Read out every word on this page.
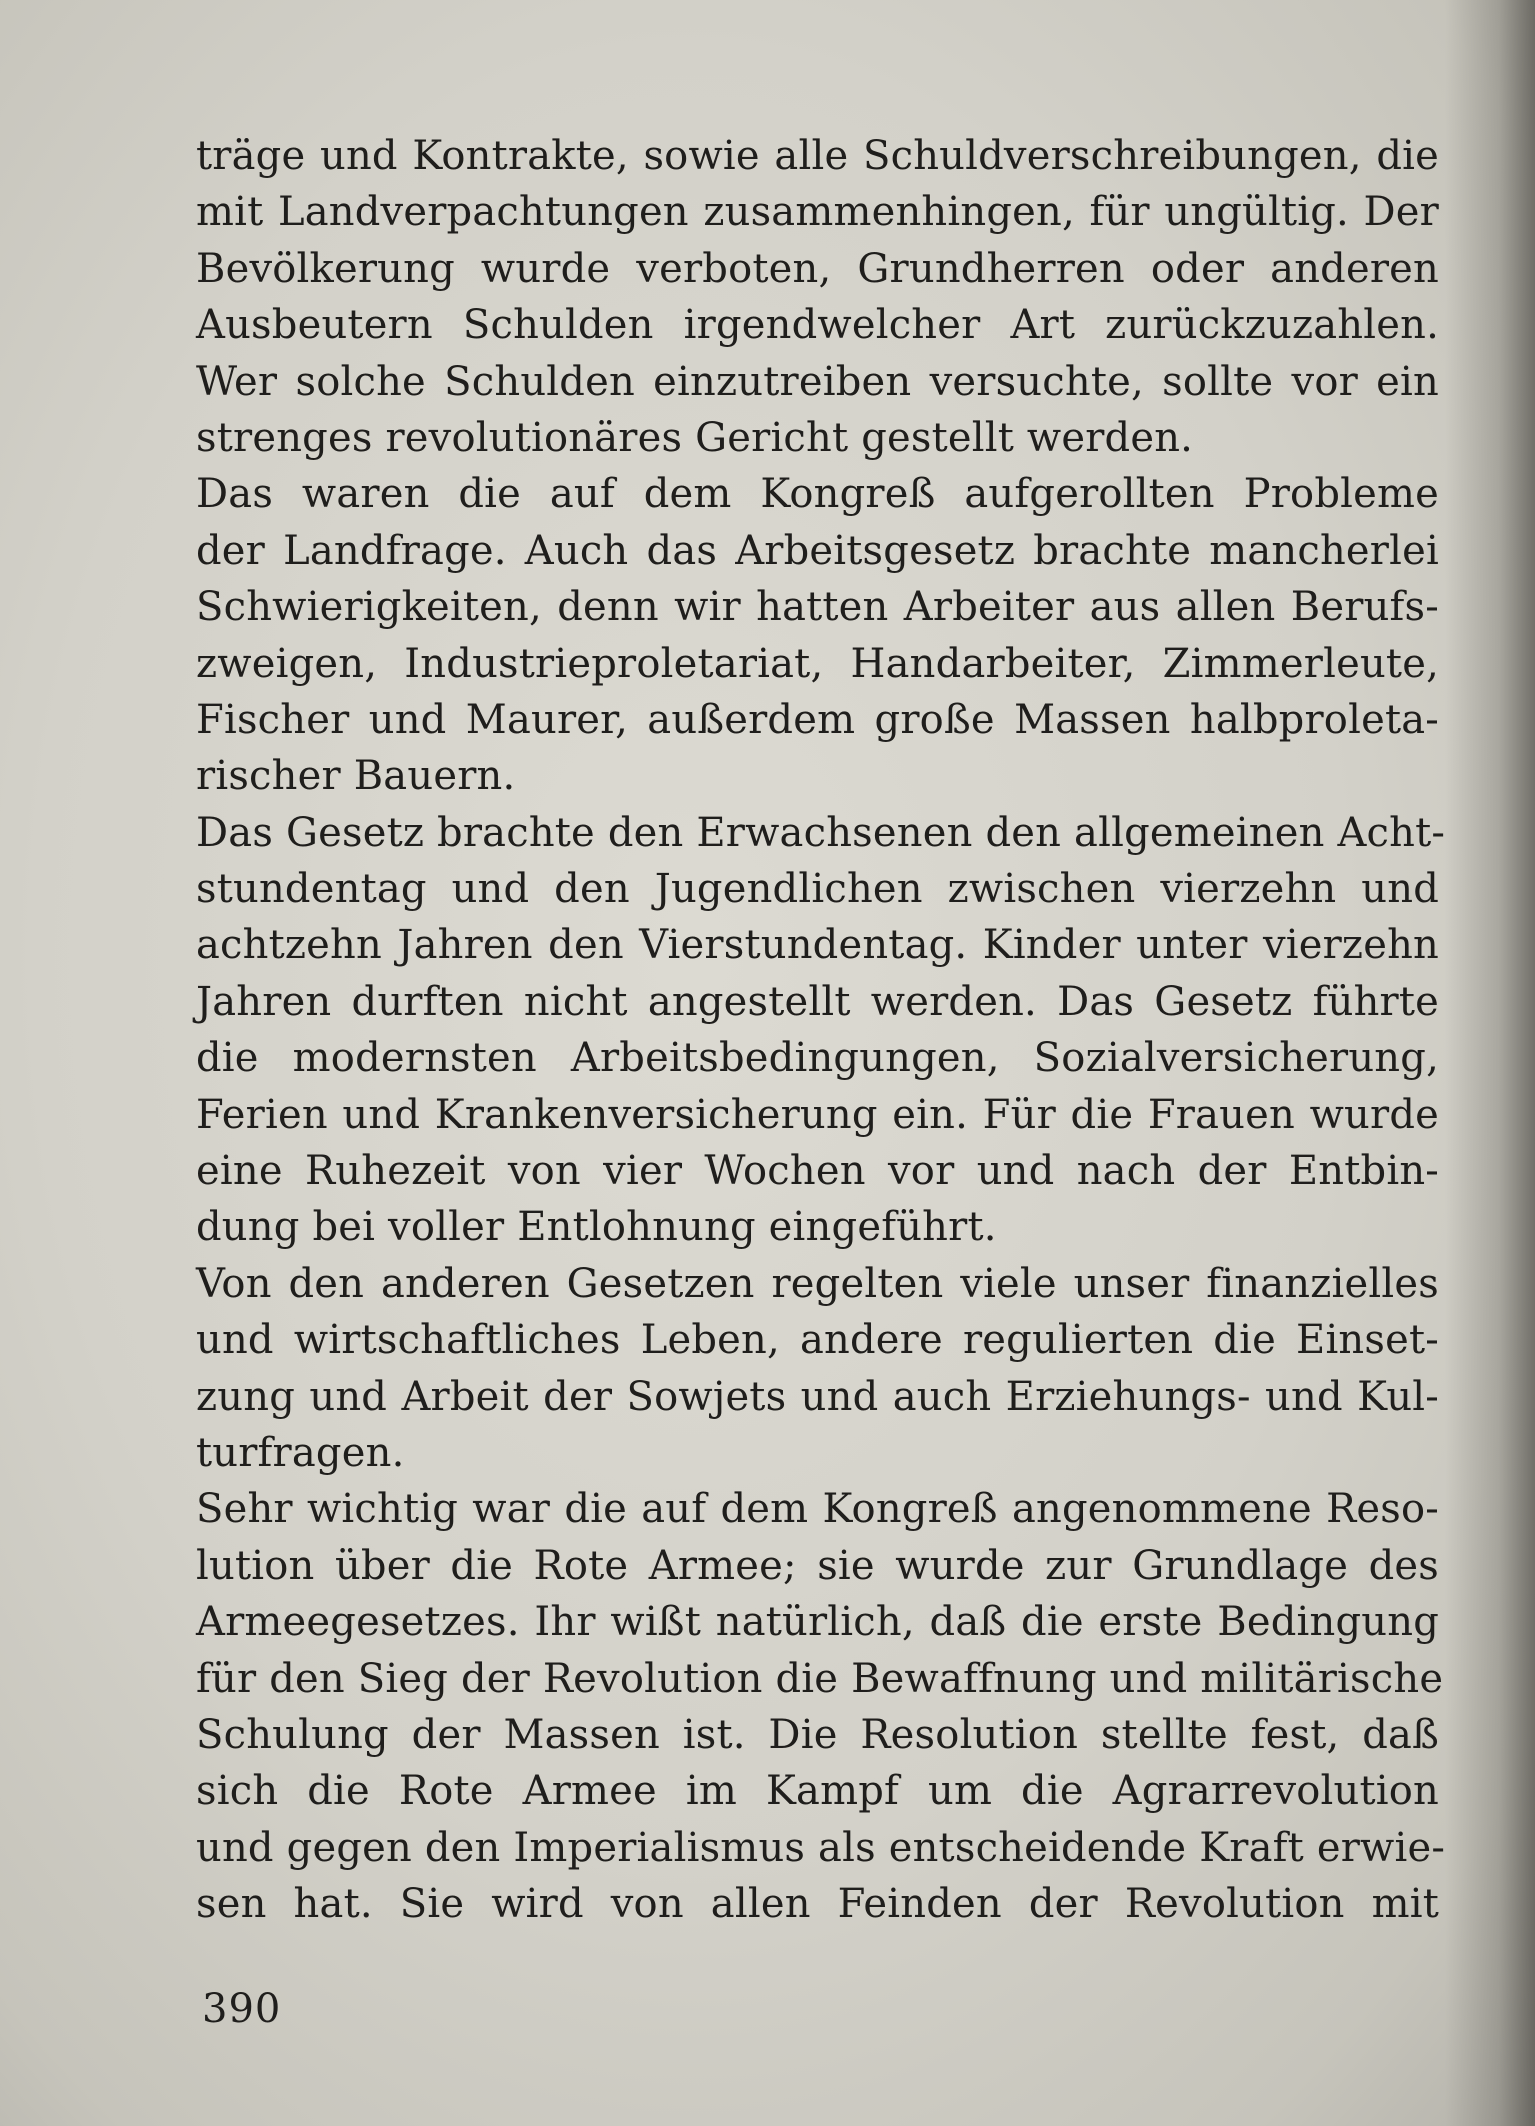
träge und Kontrakte, sowie alle Schuldverschreibungen, die
mit Landverpachtungen zusammenhingen, für ungültig. Der
Bevölkerung wurde verboten, Grundherren oder anderen
Ausbeutern Schulden irgendwelcher Art zurückzuzahlen.
Wer solche Schulden einzutreiben versuchte, sollte vor ein
strenges revolutionäres Gericht gestellt werden.
Das waren die auf dem Kongreß aufgerollten Probleme
der Landfrage. Auch das Arbeitsgesetz brachte mancherlei
Schwierigkeiten, denn wir hatten Arbeiter aus allen Berufs-
zweigen, Industrieproletariat, Handarbeiter, Zimmerleute,
Fischer und Maurer, außerdem große Massen halbproleta-
rischer Bauern.
Das Gesetz brachte den Erwachsenen den allgemeinen Acht-
stundentag und den Jugendlichen zwischen vierzehn und
achtzehn Jahren den Vierstundentag. Kinder unter vierzehn
Jahren durften nicht angestellt werden. Das Gesetz führte
die modernsten Arbeitsbedingungen, Sozialversicherung,
Ferien und Krankenversicherung ein. Für die Frauen wurde
eine Ruhezeit von vier Wochen vor und nach der Entbin-
dung bei voller Entlohnung eingeführt.
Von den anderen Gesetzen regelten viele unser finanzielles
und wirtschaftliches Leben, andere regulierten die Einset-
zung und Arbeit der Sowjets und auch Erziehungs- und Kul-
turfragen.
Sehr wichtig war die auf dem Kongreß angenommene Reso-
lution über die Rote Armee; sie wurde zur Grundlage des
Armeegesetzes. Ihr wißt natürlich, daß die erste Bedingung
für den Sieg der Revolution die Bewaffnung und militärische
Schulung der Massen ist. Die Resolution stellte fest, daß
sich die Rote Armee im Kampf um die Agrarrevolution
und gegen den Imperialismus als entscheidende Kraft erwie-
sen hat. Sie wird von allen Feinden der Revolution mit
390
